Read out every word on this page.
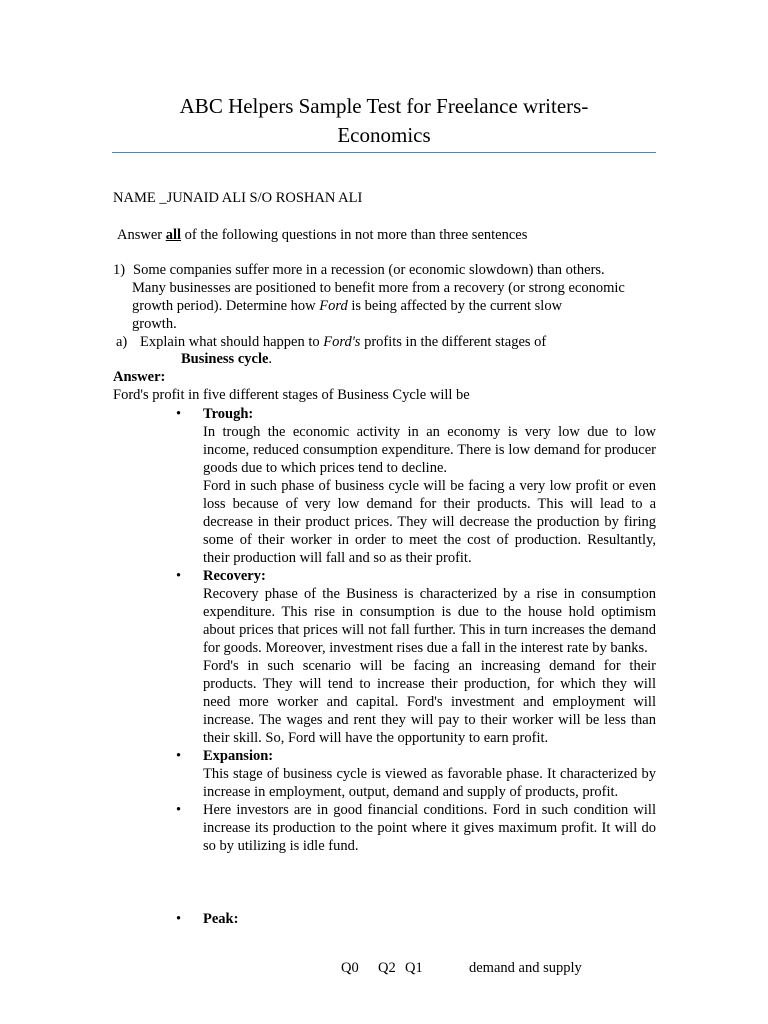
ABC Helpers Sample Test for Freelance writers-
Economics
NAME _JUNAID ALI S/O ROSHAN ALI
Answer all of the following questions in not more than three sentences
1) Some companies suffer more in a recession (or economic slowdown) than others.
Many businesses are positioned to benefit more from a recovery (or strong economic
growth period). Determine how Ford is being affected by the current slow
growth.
a) Explain what should happen to Ford's profits in the different stages of
Business cycle.
Answer:
Ford's profit in five different stages of Business Cycle will be
• Trough:
In trough the economic activity in an economy is very low due to low income, reduced consumption expenditure. There is low demand for producer goods due to which prices tend to decline.
Ford in such phase of business cycle will be facing a very low profit or even loss because of very low demand for their products. This will lead to a decrease in their product prices. They will decrease the production by firing some of their worker in order to meet the cost of production. Resultantly, their production will fall and so as their profit.
• Recovery:
Recovery phase of the Business is characterized by a rise in consumption expenditure. This rise in consumption is due to the house hold optimism about prices that prices will not fall further. This in turn increases the demand for goods. Moreover, investment rises due a fall in the interest rate by banks.
Ford's in such scenario will be facing an increasing demand for their products. They will tend to increase their production, for which they will need more worker and capital. Ford's investment and employment will increase. The wages and rent they will pay to their worker will be less than their skill. So, Ford will have the opportunity to earn profit.
• Expansion:
This stage of business cycle is viewed as favorable phase. It characterized by increase in employment, output, demand and supply of products, profit.
• Here investors are in good financial conditions. Ford in such condition will increase its production to the point where it gives maximum profit. It will do so by utilizing is idle fund.
• Peak:
Q0 Q2 Q1	demand and supply
